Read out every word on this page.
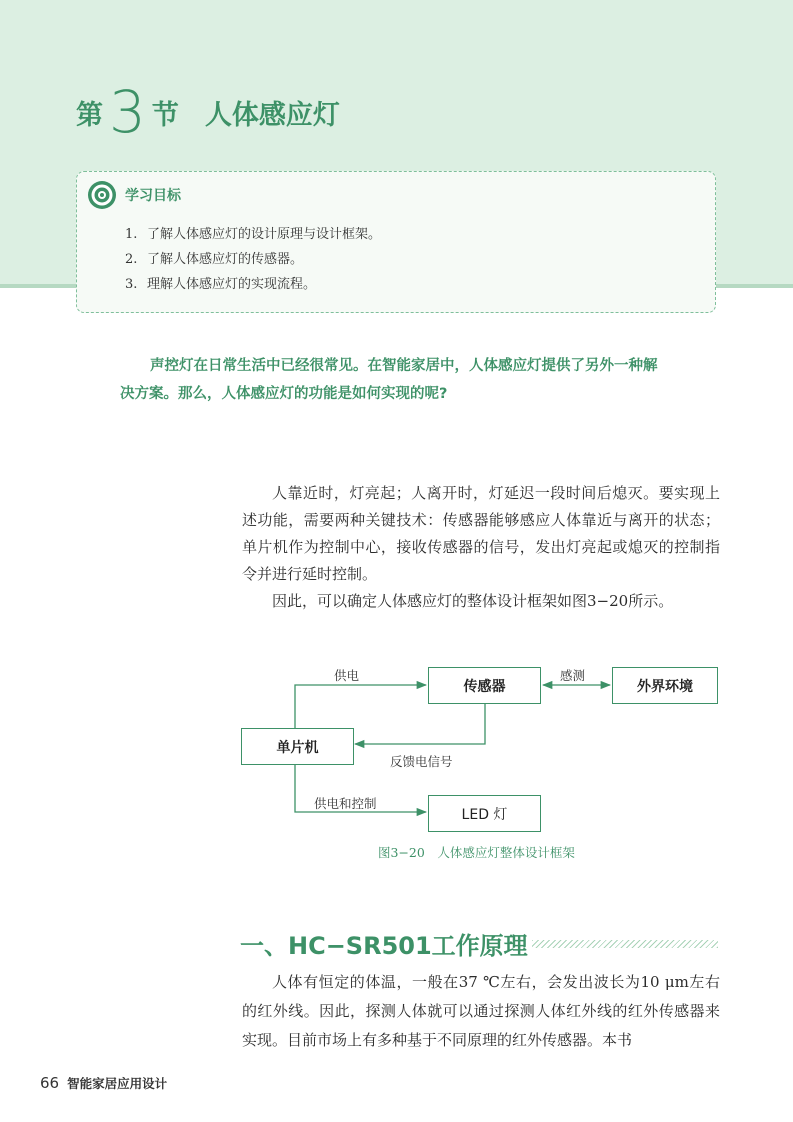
第 3 节 人体感应灯
学习目标
1. 了解人体感应灯的设计原理与设计框架。
2. 了解人体感应灯的传感器。
3. 理解人体感应灯的实现流程。

声控灯在日常生活中已经很常见。在智能家居中，人体感应灯提供了另外一种解

决方案。那么，人体感应灯的功能是如何实现的呢?

人靠近时，灯亮起；人离开时，灯延迟一段时间后熄灭。要实现上述功能，需要两种关键技术：传感器能够感应人体靠近与离开的状态；单片机作为控制中心，接收传感器的信号，发出灯亮起或熄灭的控制指令并进行延时控制。

因此，可以确定人体感应灯的整体设计框架如图3−20所示。

传感器	外界环境
单片机
LED 灯
供电	感测
反馈电信号
供电和控制
图3−20　人体感应灯整体设计框架
一、HC−SR501工作原理

人体有恒定的体温，一般在37 ℃左右，会发出波长为10 μm左右的红外线。因此，探测人体就可以通过探测人体红外线的红外传感器来实现。目前市场上有多种基于不同原理的红外传感器。本书

66 智能家居应用设计
